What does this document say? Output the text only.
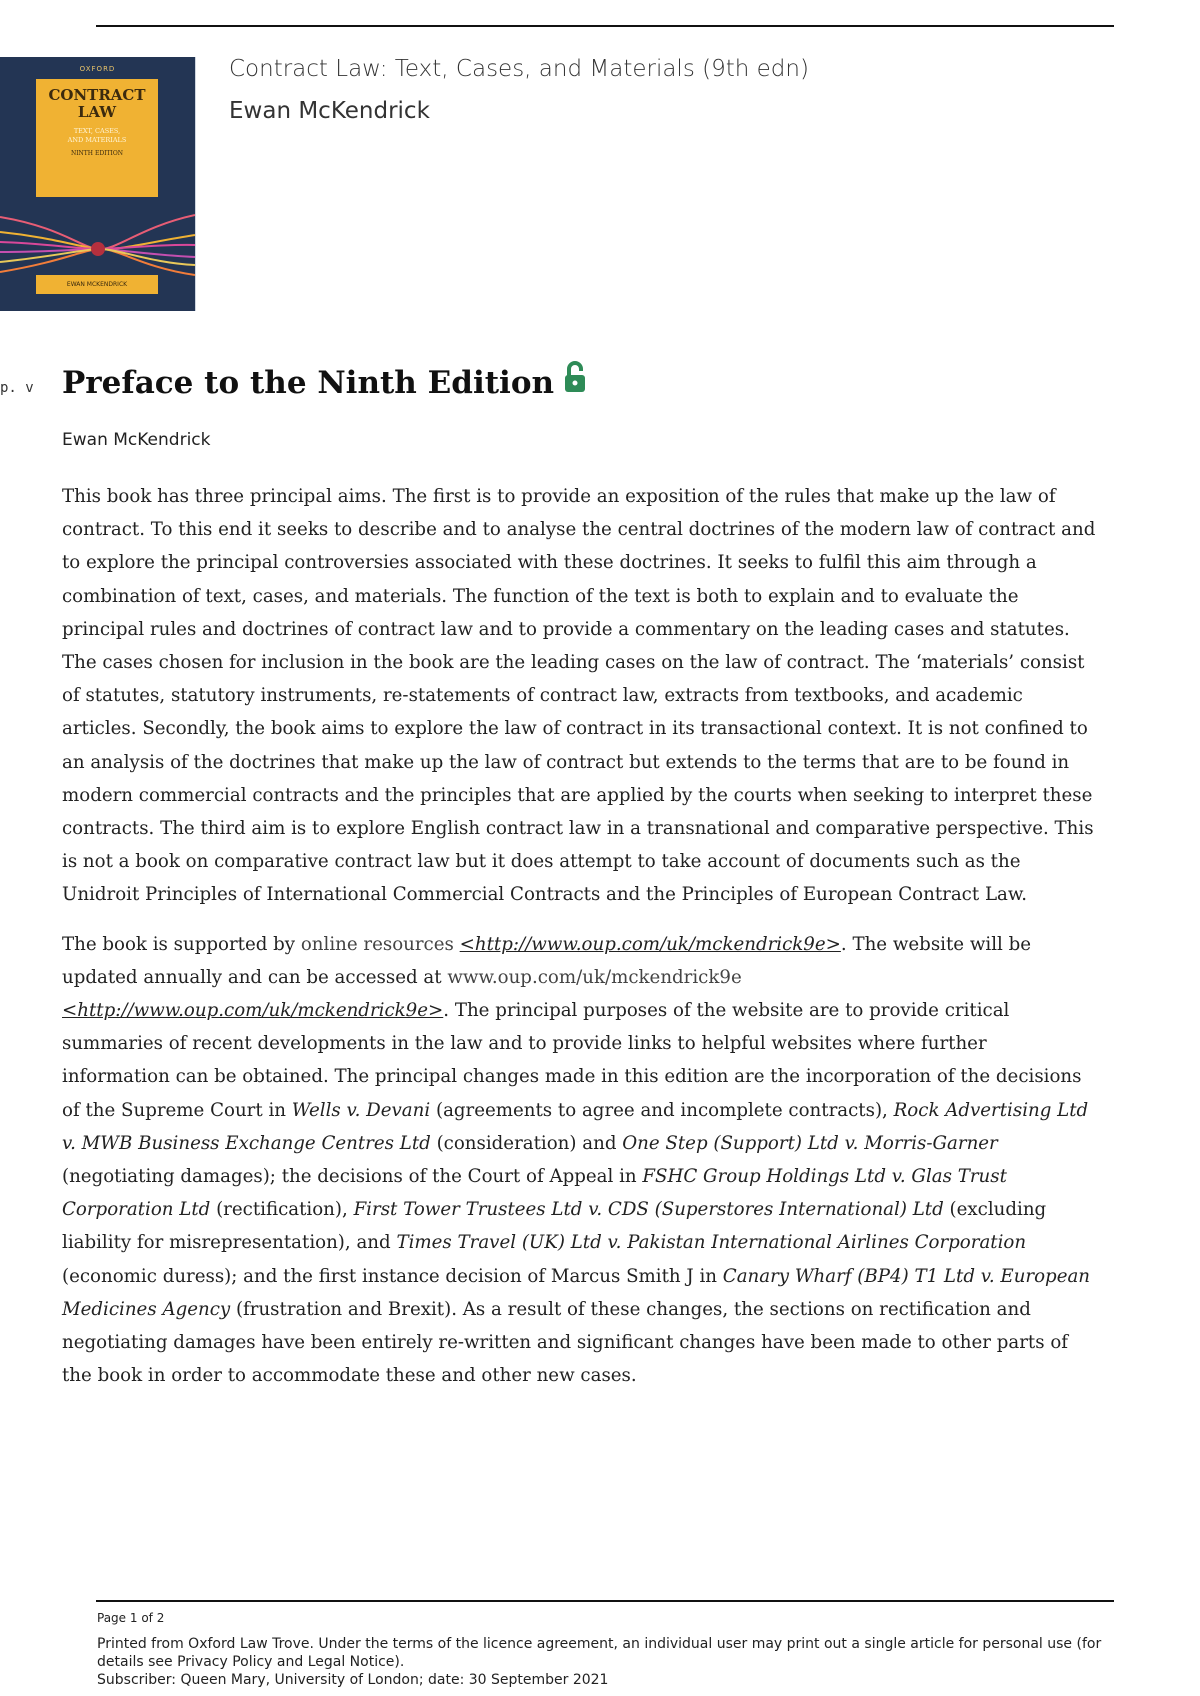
OXFORD
CONTRACT
LAW
TEXT, CASES,
AND MATERIALS
NINTH EDITION
EWAN MCKENDRICK
Contract Law: Text, Cases, and Materials (9th edn)
Ewan McKendrick
p. v Preface to the Ninth Edition
Ewan McKendrick

This book has three principal aims. The first is to provide an exposition of the rules that make up the law of contract. To this end it seeks to describe and to analyse the central doctrines of the modern law of contract and to explore the principal controversies associated with these doctrines. It seeks to fulfil this aim through a combination of text, cases, and materials. The function of the text is both to explain and to evaluate the principal rules and doctrines of contract law and to provide a commentary on the leading cases and statutes. The cases chosen for inclusion in the book are the leading cases on the law of contract. The ‘materials’ consist of statutes, statutory instruments, re-statements of contract law, extracts from textbooks, and academic articles. Secondly, the book aims to explore the law of contract in its transactional context. It is not confined to an analysis of the doctrines that make up the law of contract but extends to the terms that are to be found in modern commercial contracts and the principles that are applied by the courts when seeking to interpret these contracts. The third aim is to explore English contract law in a transnational and comparative perspective. This is not a book on comparative contract law but it does attempt to take account of documents such as the Unidroit Principles of International Commercial Contracts and the Principles of European Contract Law.

The book is supported by online resources <http://www.oup.com/uk/mckendrick9e>. The website will be updated annually and can be accessed at www.oup.com/uk/mckendrick9e <http://www.oup.com/uk/mckendrick9e>. The principal purposes of the website are to provide critical summaries of recent developments in the law and to provide links to helpful websites where further information can be obtained. The principal changes made in this edition are the incorporation of the decisions of the Supreme Court in Wells v. Devani (agreements to agree and incomplete contracts), Rock Advertising Ltd v. MWB Business Exchange Centres Ltd (consideration) and One Step (Support) Ltd v. Morris-Garner (negotiating damages); the decisions of the Court of Appeal in FSHC Group Holdings Ltd v. Glas Trust Corporation Ltd (rectification), First Tower Trustees Ltd v. CDS (Superstores International) Ltd (excluding liability for misrepresentation), and Times Travel (UK) Ltd v. Pakistan International Airlines Corporation (economic duress); and the first instance decision of Marcus Smith J in Canary Wharf (BP4) T1 Ltd v. European Medicines Agency (frustration and Brexit). As a result of these changes, the sections on rectification and negotiating damages have been entirely re-written and significant changes have been made to other parts of the book in order to accommodate these and other new cases.

Page 1 of 2
Printed from Oxford Law Trove. Under the terms of the licence agreement, an individual user may print out a single article for personal use (for details see Privacy Policy and Legal Notice).
Subscriber: Queen Mary, University of London; date: 30 September 2021
